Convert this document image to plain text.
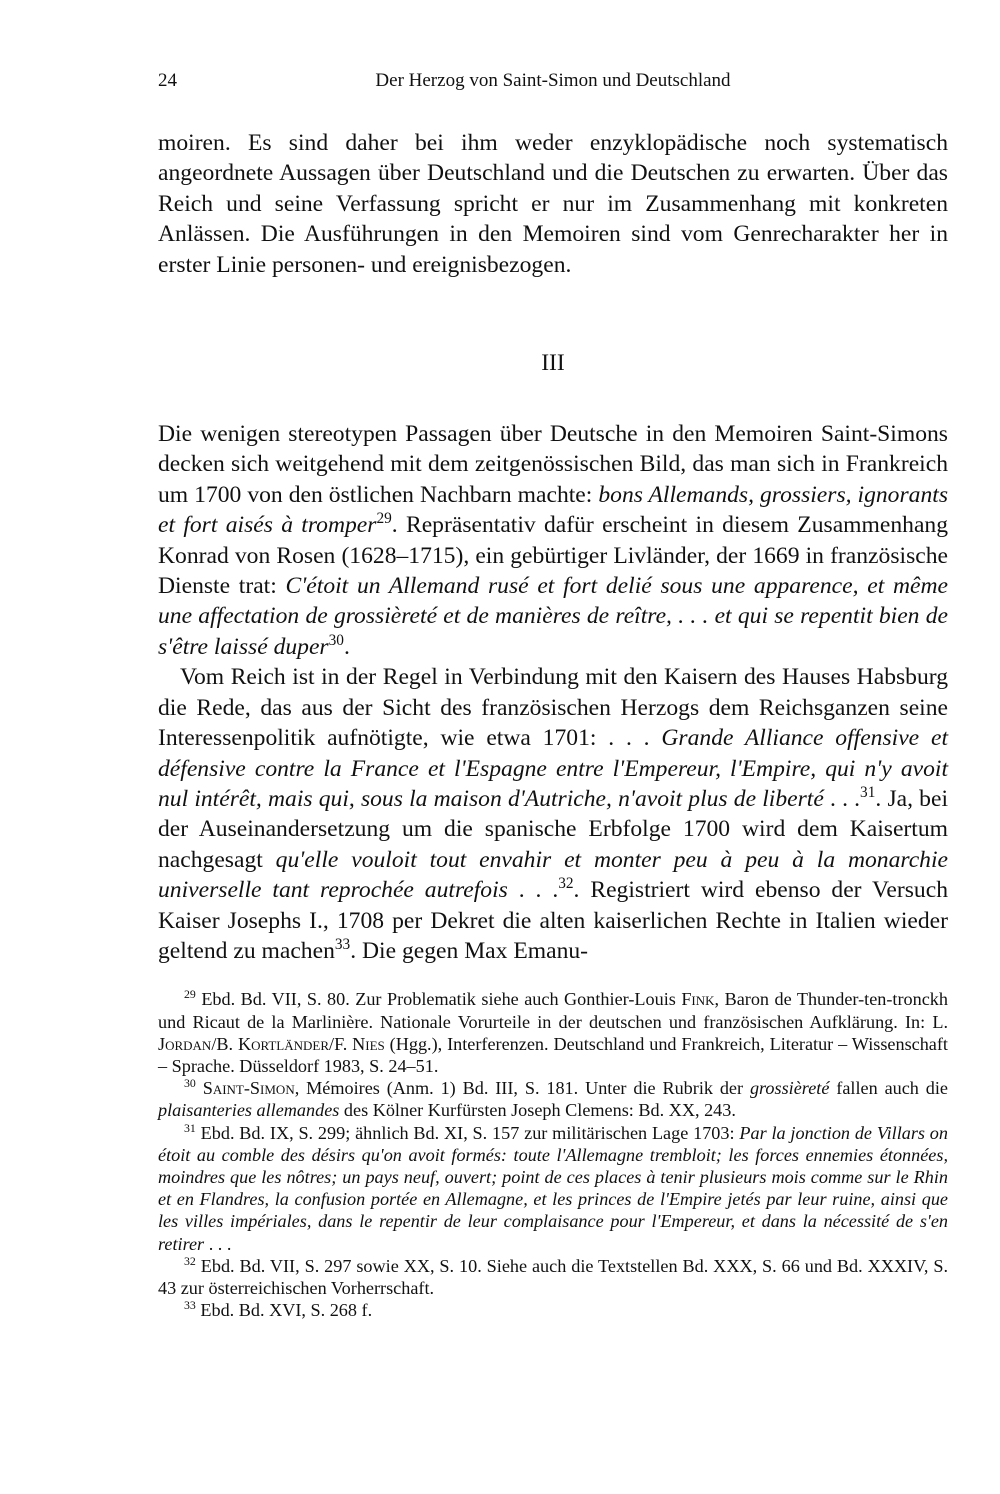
24	Der Herzog von Saint-Simon und Deutschland

moiren. Es sind daher bei ihm weder enzyklopädische noch systematisch angeordnete Aussagen über Deutschland und die Deutschen zu erwarten. Über das Reich und seine Verfassung spricht er nur im Zusammenhang mit konkreten Anlässen. Die Ausführungen in den Memoiren sind vom Genrecharakter her in erster Linie personen- und ereignisbezogen.

III

Die wenigen stereotypen Passagen über Deutsche in den Memoiren Saint-Simons decken sich weitgehend mit dem zeitgenössischen Bild, das man sich in Frankreich um 1700 von den östlichen Nachbarn machte: bons Allemands, grossiers, ignorants et fort aisés à tromper$^{29}$. Repräsentativ dafür erscheint in diesem Zusammenhang Konrad von Rosen (1628–1715), ein gebürtiger Livländer, der 1669 in französische Dienste trat: C'étoit un Allemand rusé et fort delié sous une apparence, et même une affectation de grossièreté et de manières de reître, . . . et qui se repentit bien de s'être laissé duper$^{30}$.

Vom Reich ist in der Regel in Verbindung mit den Kaisern des Hauses Habsburg die Rede, das aus der Sicht des französischen Herzogs dem Reichsganzen seine Interessenpolitik aufnötigte, wie etwa 1701: . . . Grande Alliance offensive et défensive contre la France et l'Espagne entre l'Empereur, l'Empire, qui n'y avoit nul intérêt, mais qui, sous la maison d'Autriche, n'avoit plus de liberté . . .$^{31}$. Ja, bei der Auseinandersetzung um die spanische Erbfolge 1700 wird dem Kaisertum nachgesagt qu'elle vouloit tout envahir et monter peu à peu à la monarchie universelle tant reprochée autrefois . . .$^{32}$. Registriert wird ebenso der Versuch Kaiser Josephs I., 1708 per Dekret die alten kaiserlichen Rechte in Italien wieder geltend zu machen$^{33}$. Die gegen Max Emanu-

$^{29}$ Ebd. Bd. VII, S. 80. Zur Problematik siehe auch Gonthier-Louis Fink, Baron de Thunder-ten-tronckh und Ricaut de la Marlinière. Nationale Vorurteile in der deutschen und französischen Aufklärung. In: L. Jordan/B. Kortländer/F. Nies (Hgg.), Interferenzen. Deutschland und Frankreich, Literatur – Wissenschaft – Sprache. Düsseldorf 1983, S. 24–51.

$^{30}$ Saint-Simon, Mémoires (Anm. 1) Bd. III, S. 181. Unter die Rubrik der grossièreté fallen auch die plaisanteries allemandes des Kölner Kurfürsten Joseph Clemens: Bd. XX, 243.

$^{31}$ Ebd. Bd. IX, S. 299; ähnlich Bd. XI, S. 157 zur militärischen Lage 1703: Par la jonction de Villars on étoit au comble des désirs qu'on avoit formés: toute l'Allemagne trembloit; les forces ennemies étonnées, moindres que les nôtres; un pays neuf, ouvert; point de ces places à tenir plusieurs mois comme sur le Rhin et en Flandres, la confusion portée en Allemagne, et les princes de l'Empire jetés par leur ruine, ainsi que les villes impériales, dans le repentir de leur complaisance pour l'Empereur, et dans la nécessité de s'en retirer . . .

$^{32}$ Ebd. Bd. VII, S. 297 sowie XX, S. 10. Siehe auch die Textstellen Bd. XXX, S. 66 und Bd. XXXIV, S. 43 zur österreichischen Vorherrschaft.

$^{33}$ Ebd. Bd. XVI, S. 268 f.
